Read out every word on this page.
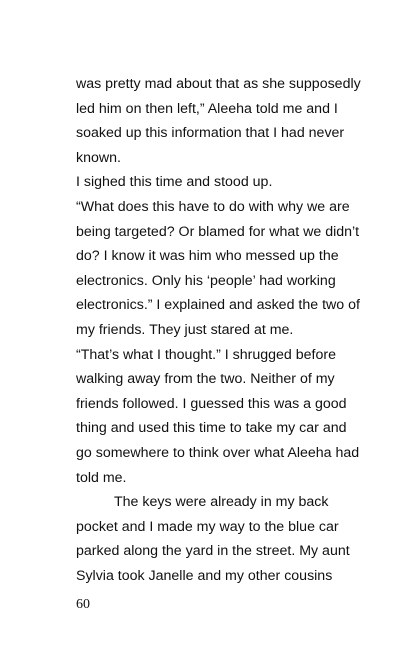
was pretty mad about that as she supposedly
led him on then left,” Aleeha told me and I
soaked up this information that I had never
known.
I sighed this time and stood up.
“What does this have to do with why we are
being targeted? Or blamed for what we didn’t
do? I know it was him who messed up the
electronics. Only his ‘people’ had working
electronics.” I explained and asked the two of
my friends. They just stared at me.
“That’s what I thought.” I shrugged before
walking away from the two. Neither of my
friends followed. I guessed this was a good
thing and used this time to take my car and
go somewhere to think over what Aleeha had
told me.
The keys were already in my back
pocket and I made my way to the blue car
parked along the yard in the street. My aunt
Sylvia took Janelle and my other cousins
60
